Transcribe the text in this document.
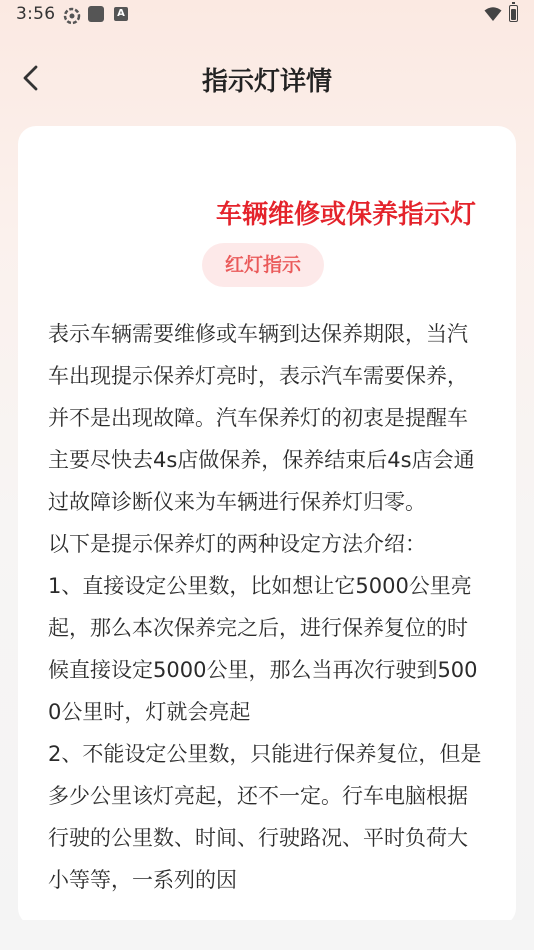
3:56	A
指示灯详情
车辆维修或保养指示灯
红灯指示

表示车辆需要维修或车辆到达保养期限，当汽车出现提示保养灯亮时，表示汽车需要保养，并不是出现故障。汽车保养灯的初衷是提醒车主要尽快去4s店做保养，保养结束后4s店会通过故障诊断仪来为车辆进行保养灯归零。

以下是提示保养灯的两种设定方法介绍：

1、直接设定公里数，比如想让它5000公里亮起，那么本次保养完之后，进行保养复位的时候直接设定5000公里，那么当再次行驶到5000公里时，灯就会亮起

2、不能设定公里数，只能进行保养复位，但是多少公里该灯亮起，还不一定。行车电脑根据行驶的公里数、时间、行驶路况、平时负荷大小等等，一系列的因
